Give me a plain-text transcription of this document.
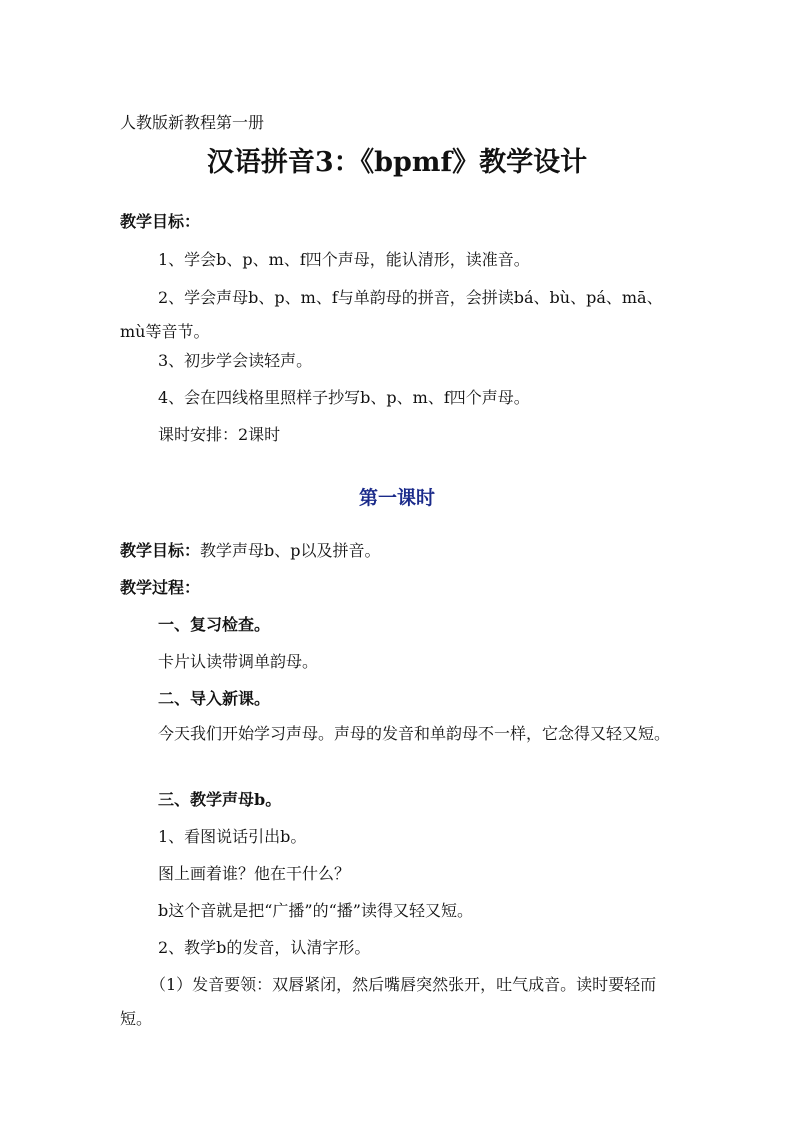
人教版新教程第一册
汉语拼音3：《bpmf》教学设计
教学目标：
1、学会b、p、m、f四个声母，能认清形，读准音。
2、学会声母b、p、m、f与单韵母的拼音，会拼读bá、bù、pá、mā、mù等音节。
3、初步学会读轻声。
4、会在四线格里照样子抄写b、p、m、f四个声母。
课时安排：2课时
第一课时
教学目标：教学声母b、p以及拼音。
教学过程：
一、复习检查。
卡片认读带调单韵母。
二、导入新课。
今天我们开始学习声母。声母的发音和单韵母不一样，它念得又轻又短。
三、教学声母b。
1、看图说话引出b。
图上画着谁？他在干什么？
b这个音就是把“广播”的“播”读得又轻又短。
2、教学b的发音，认清字形。
（1）发音要领：双唇紧闭，然后嘴唇突然张开，吐气成音。读时要轻而短。
